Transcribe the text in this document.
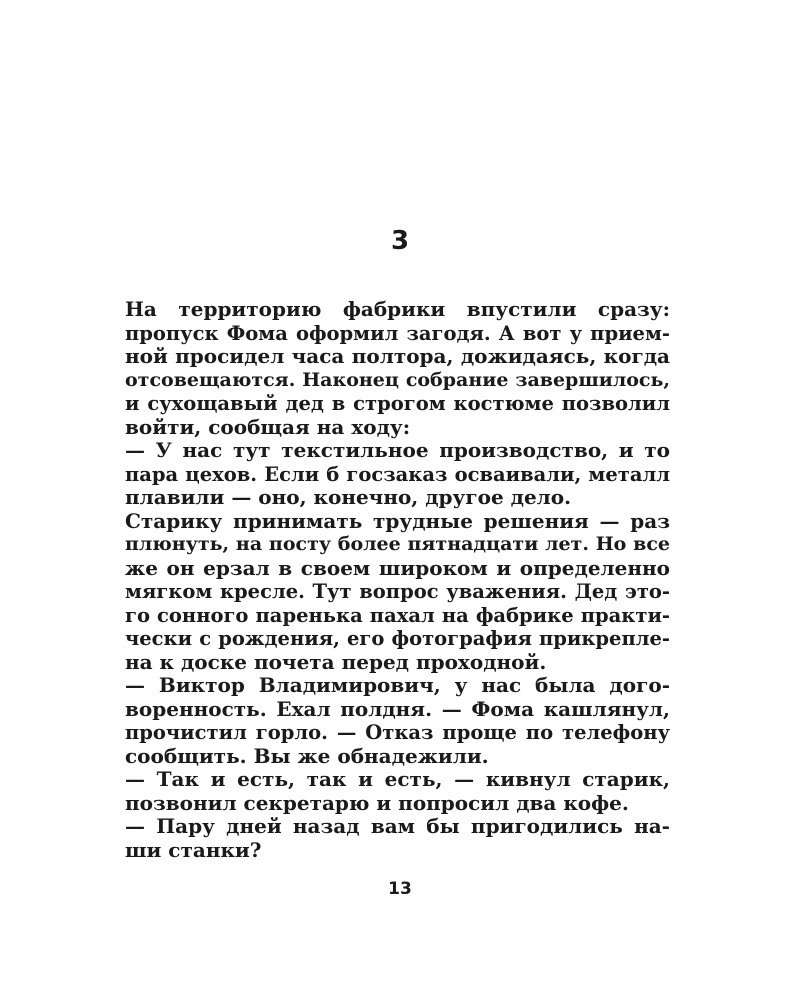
3
На территорию фабрики впустили сразу:
пропуск Фома оформил загодя. А вот у прием-
ной просидел часа полтора, дожидаясь, когда
отсовещаются. Наконец собрание завершилось,
и сухощавый дед в строгом костюме позволил
войти, сообщая на ходу:
— У нас тут текстильное производство, и то
пара цехов. Если б госзаказ осваивали, металл
плавили — оно, конечно, другое дело.
Старику принимать трудные решения — раз
плюнуть, на посту более пятнадцати лет. Но все
же он ерзал в своем широком и определенно
мягком кресле. Тут вопрос уважения. Дед это-
го сонного паренька пахал на фабрике практи-
чески с рождения, его фотография прикрепле-
на к доске почета перед проходной.
— Виктор Владимирович, у нас была дого-
воренность. Ехал полдня. — Фома кашлянул,
прочистил горло. — Отказ проще по телефону
сообщить. Вы же обнадежили.
— Так и есть, так и есть, — кивнул старик,
позвонил секретарю и попросил два кофе.
— Пару дней назад вам бы пригодились на-
ши станки?
13
